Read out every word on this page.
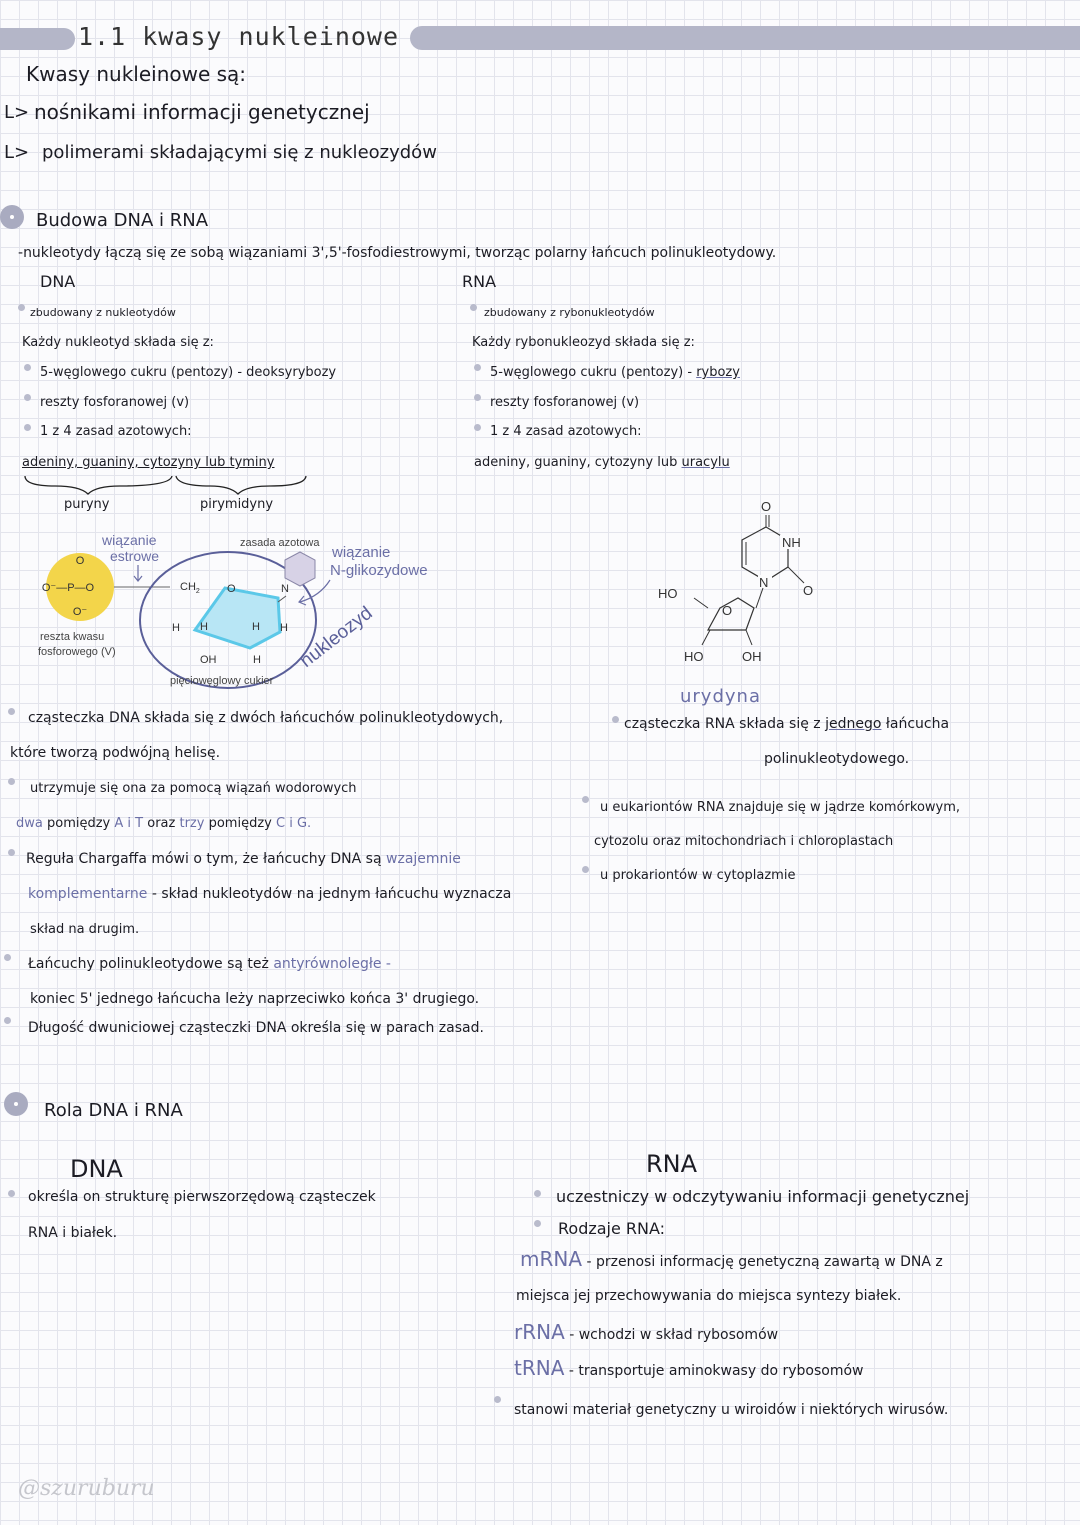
1.1 kwasy nukleinowe
Kwasy nukleinowe są:
L> nośnikami informacji genetycznej
L> polimerami składającymi się z nukleozydów
Budowa DNA i RNA
-nukleotydy łączą się ze sobą wiązaniami 3',5'-fosfodiestrowymi, tworząc polarny łańcuch polinukleotydowy.
DNA	RNA
zbudowany z nukleotydów
Każdy nukleotyd składa się z:
5-węglowego cukru (pentozy) - deoksyrybozy
reszty fosforanowej (v)
1 z 4 zasad azotowych:
adeniny, guaniny, cytozyny lub tyminy
puryny	pirymidyny
zbudowany z rybonukleotydów
Każdy rybonukleozyd składa się z:
5-węglowego cukru (pentozy) - rybozy
reszty fosforanowej (v)
1 z 4 zasad azotowych:
adeniny, guaniny, cytozyny lub uracylu
O
O⁻—P—O
O⁻
$CH_2$ O
H H	H H
OH	H
N
reszta kwasu
fosforowego (V)
pięciowęglowy cukier
zasada azotowa
wiązanie
estrowe	wiązanie
N-glikozydowe
nukleozyd
O
NH
N
O
O
HO
HO	OH
urydyna
cząsteczka DNA składa się z dwóch łańcuchów polinukleotydowych,
które tworzą podwójną helisę.
utrzymuje się ona za pomocą wiązań wodorowych
dwa pomiędzy A i T oraz trzy pomiędzy C i G.
Reguła Chargaffa mówi o tym, że łańcuchy DNA są wzajemnie
komplementarne - skład nukleotydów na jednym łańcuchu wyznacza
skład na drugim.
Łańcuchy polinukleotydowe są też antyrównoległe -
koniec 5' jednego łańcucha leży naprzeciwko końca 3' drugiego.
Długość dwuniciowej cząsteczki DNA określa się w parach zasad.
cząsteczka RNA składa się z jednego łańcucha
polinukleotydowego.
u eukariontów RNA znajduje się w jądrze komórkowym,
cytozolu oraz mitochondriach i chloroplastach
u prokariontów w cytoplazmie
Rola DNA i RNA
DNA	RNA
określa on strukturę pierwszorzędową cząsteczek
RNA i białek.
uczestniczy w odczytywaniu informacji genetycznej
Rodzaje RNA:
mRNA - przenosi informację genetyczną zawartą w DNA z
miejsca jej przechowywania do miejsca syntezy białek.
rRNA - wchodzi w skład rybosomów
tRNA - transportuje aminokwasy do rybosomów
stanowi materiał genetyczny u wiroidów i niektórych wirusów.
@szuruburu
